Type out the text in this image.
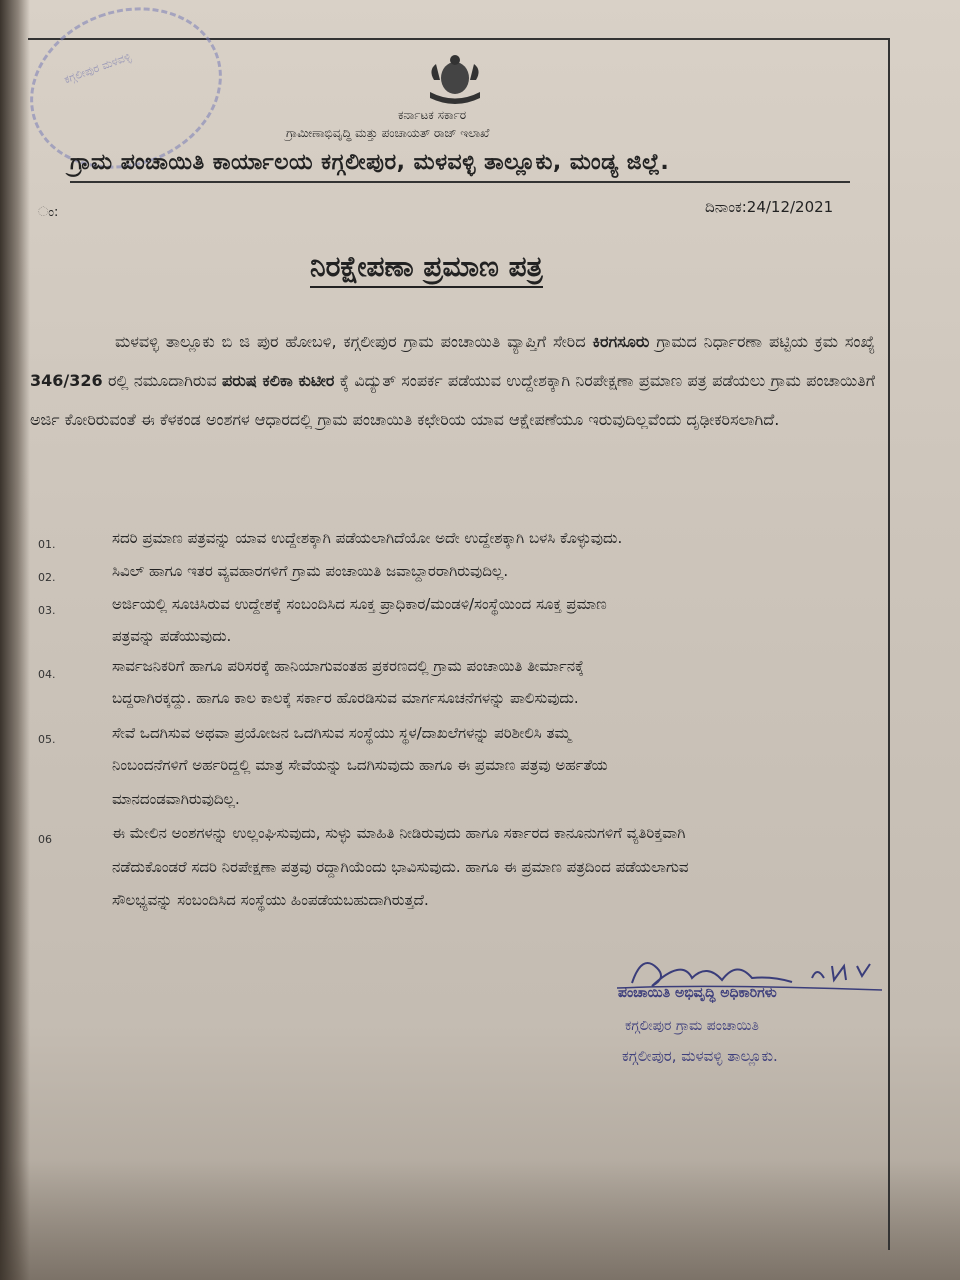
ಕಗ್ಗಲೀಪುರ ಮಳವಳ್ಳಿ
ಕರ್ನಾಟಕ ಸರ್ಕಾರ
ಗ್ರಾಮೀಣಾಭಿವೃದ್ಧಿ ಮತ್ತು ಪಂಚಾಯತ್ ರಾಜ್ ಇಲಾಖೆ
ಗ್ರಾಮ ಪಂಚಾಯಿತಿ ಕಾರ್ಯಾಲಯ ಕಗ್ಗಲೀಪುರ, ಮಳವಳ್ಳಿ ತಾಲ್ಲೂಕು, ಮಂಡ್ಯ ಜಿಲ್ಲೆ.
ಂ:	ದಿನಾಂಕ:24/12/2021
ನಿರಕ್ಷೇಪಣಾ ಪ್ರಮಾಣ ಪತ್ರ
ಮಳವಳ್ಳಿ ತಾಲ್ಲೂಕು ಬಿ ಜಿ ಪುರ ಹೋಬಳಿ, ಕಗ್ಗಲೀಪುರ ಗ್ರಾಮ ಪಂಚಾಯಿತಿ ವ್ಯಾಪ್ತಿಗೆ ಸೇರಿದ ಕಿರಗಸೂರು ಗ್ರಾಮದ ನಿರ್ಧಾರಣಾ ಪಟ್ಟಿಯ ಕ್ರಮ ಸಂಖ್ಯೆ 346/326 ರಲ್ಲಿ ನಮೂದಾಗಿರುವ ಪರುಷ ಕಲಿಕಾ ಕುಟೀರ ಕ್ಕೆ ವಿದ್ಯುತ್ ಸಂಪರ್ಕ ಪಡೆಯುವ ಉದ್ದೇಶಕ್ಕಾಗಿ ನಿರಪೇಕ್ಷಣಾ ಪ್ರಮಾಣ ಪತ್ರ ಪಡೆಯಲು ಗ್ರಾಮ ಪಂಚಾಯಿತಿಗೆ ಅರ್ಜಿ ಕೋರಿರುವಂತೆ ಈ ಕೆಳಕಂಡ ಅಂಶಗಳ ಆಧಾರದಲ್ಲಿ ಗ್ರಾಮ ಪಂಚಾಯಿತಿ ಕಛೇರಿಯ ಯಾವ ಆಕ್ಷೇಪಣೆಯೂ ಇರುವುದಿಲ್ಲವೆಂದು ದೃಢೀಕರಿಸಲಾಗಿದೆ.
01.	ಸದರಿ ಪ್ರಮಾಣ ಪತ್ರವನ್ನು ಯಾವ ಉದ್ದೇಶಕ್ಕಾಗಿ ಪಡೆಯಲಾಗಿದೆಯೋ ಅದೇ ಉದ್ದೇಶಕ್ಕಾಗಿ ಬಳಸಿ ಕೊಳ್ಳುವುದು.
02.	ಸಿವಿಲ್ ಹಾಗೂ ಇತರ ವ್ಯವಹಾರಗಳಿಗೆ ಗ್ರಾಮ ಪಂಚಾಯಿತಿ ಜವಾಬ್ದಾರರಾಗಿರುವುದಿಲ್ಲ.
03.	ಅರ್ಜಿಯಲ್ಲಿ ಸೂಚಿಸಿರುವ ಉದ್ದೇಶಕ್ಕೆ ಸಂಬಂದಿಸಿದ ಸೂಕ್ತ ಪ್ರಾಧಿಕಾರ/ಮಂಡಳಿ/ಸಂಸ್ಥೆಯಿಂದ ಸೂಕ್ತ ಪ್ರಮಾಣ
ಪತ್ರವನ್ನು ಪಡೆಯುವುದು.
04.	ಸಾರ್ವಜನಿಕರಿಗೆ ಹಾಗೂ ಪರಿಸರಕ್ಕೆ ಹಾನಿಯಾಗುವಂತಹ ಪ್ರಕರಣದಲ್ಲಿ ಗ್ರಾಮ ಪಂಚಾಯಿತಿ ತೀರ್ಮಾನಕ್ಕೆ
ಬದ್ದರಾಗಿರಕ್ಕದ್ದು. ಹಾಗೂ ಕಾಲ ಕಾಲಕ್ಕೆ ಸರ್ಕಾರ ಹೊರಡಿಸುವ ಮಾರ್ಗಸೂಚನೆಗಳನ್ನು ಪಾಲಿಸುವುದು.
05.	ಸೇವೆ ಒದಗಿಸುವ ಅಥವಾ ಪ್ರಯೋಜನ ಒದಗಿಸುವ ಸಂಸ್ಥೆಯು ಸ್ಥಳ/ದಾಖಲೆಗಳನ್ನು ಪರಿಶೀಲಿಸಿ ತಮ್ಮ
ನಿಂಬಂದನೆಗಳಿಗೆ ಅರ್ಹರಿದ್ದಲ್ಲಿ ಮಾತ್ರ ಸೇವೆಯನ್ನು ಒದಗಿಸುವುದು ಹಾಗೂ ಈ ಪ್ರಮಾಣ ಪತ್ರವು ಅರ್ಹತೆಯ
ಮಾನದಂಡವಾಗಿರುವುದಿಲ್ಲ.
06	ಈ ಮೇಲಿನ ಅಂಶಗಳನ್ನು ಉಲ್ಲಂಘಿಸುವುದು, ಸುಳ್ಳು ಮಾಹಿತಿ ನೀಡಿರುವುದು ಹಾಗೂ ಸರ್ಕಾರದ ಕಾನೂನುಗಳಿಗೆ ವ್ಯತಿರಿಕ್ತವಾಗಿ
ನಡೆದುಕೊಂಡರೆ ಸದರಿ ನಿರಪೇಕ್ಷಣಾ ಪತ್ರವು ರದ್ದಾಗಿಯೆಂದು ಭಾವಿಸುವುದು. ಹಾಗೂ ಈ ಪ್ರಮಾಣ ಪತ್ರದಿಂದ ಪಡೆಯಲಾಗುವ
ಸೌಲಭ್ಯವನ್ನು ಸಂಬಂದಿಸಿದ ಸಂಸ್ಥೆಯು ಹಿಂಪಡೆಯಬಹುದಾಗಿರುತ್ತದೆ.
ಪಂಚಾಯಿತಿ ಅಭಿವೃದ್ಧಿ ಅಧಿಕಾರಿಗಳು
ಕಗ್ಗಲೀಪುರ ಗ್ರಾಮ ಪಂಚಾಯಿತಿ
ಕಗ್ಗಲೀಪುರ, ಮಳವಳ್ಳಿ ತಾಲ್ಲೂಕು.
